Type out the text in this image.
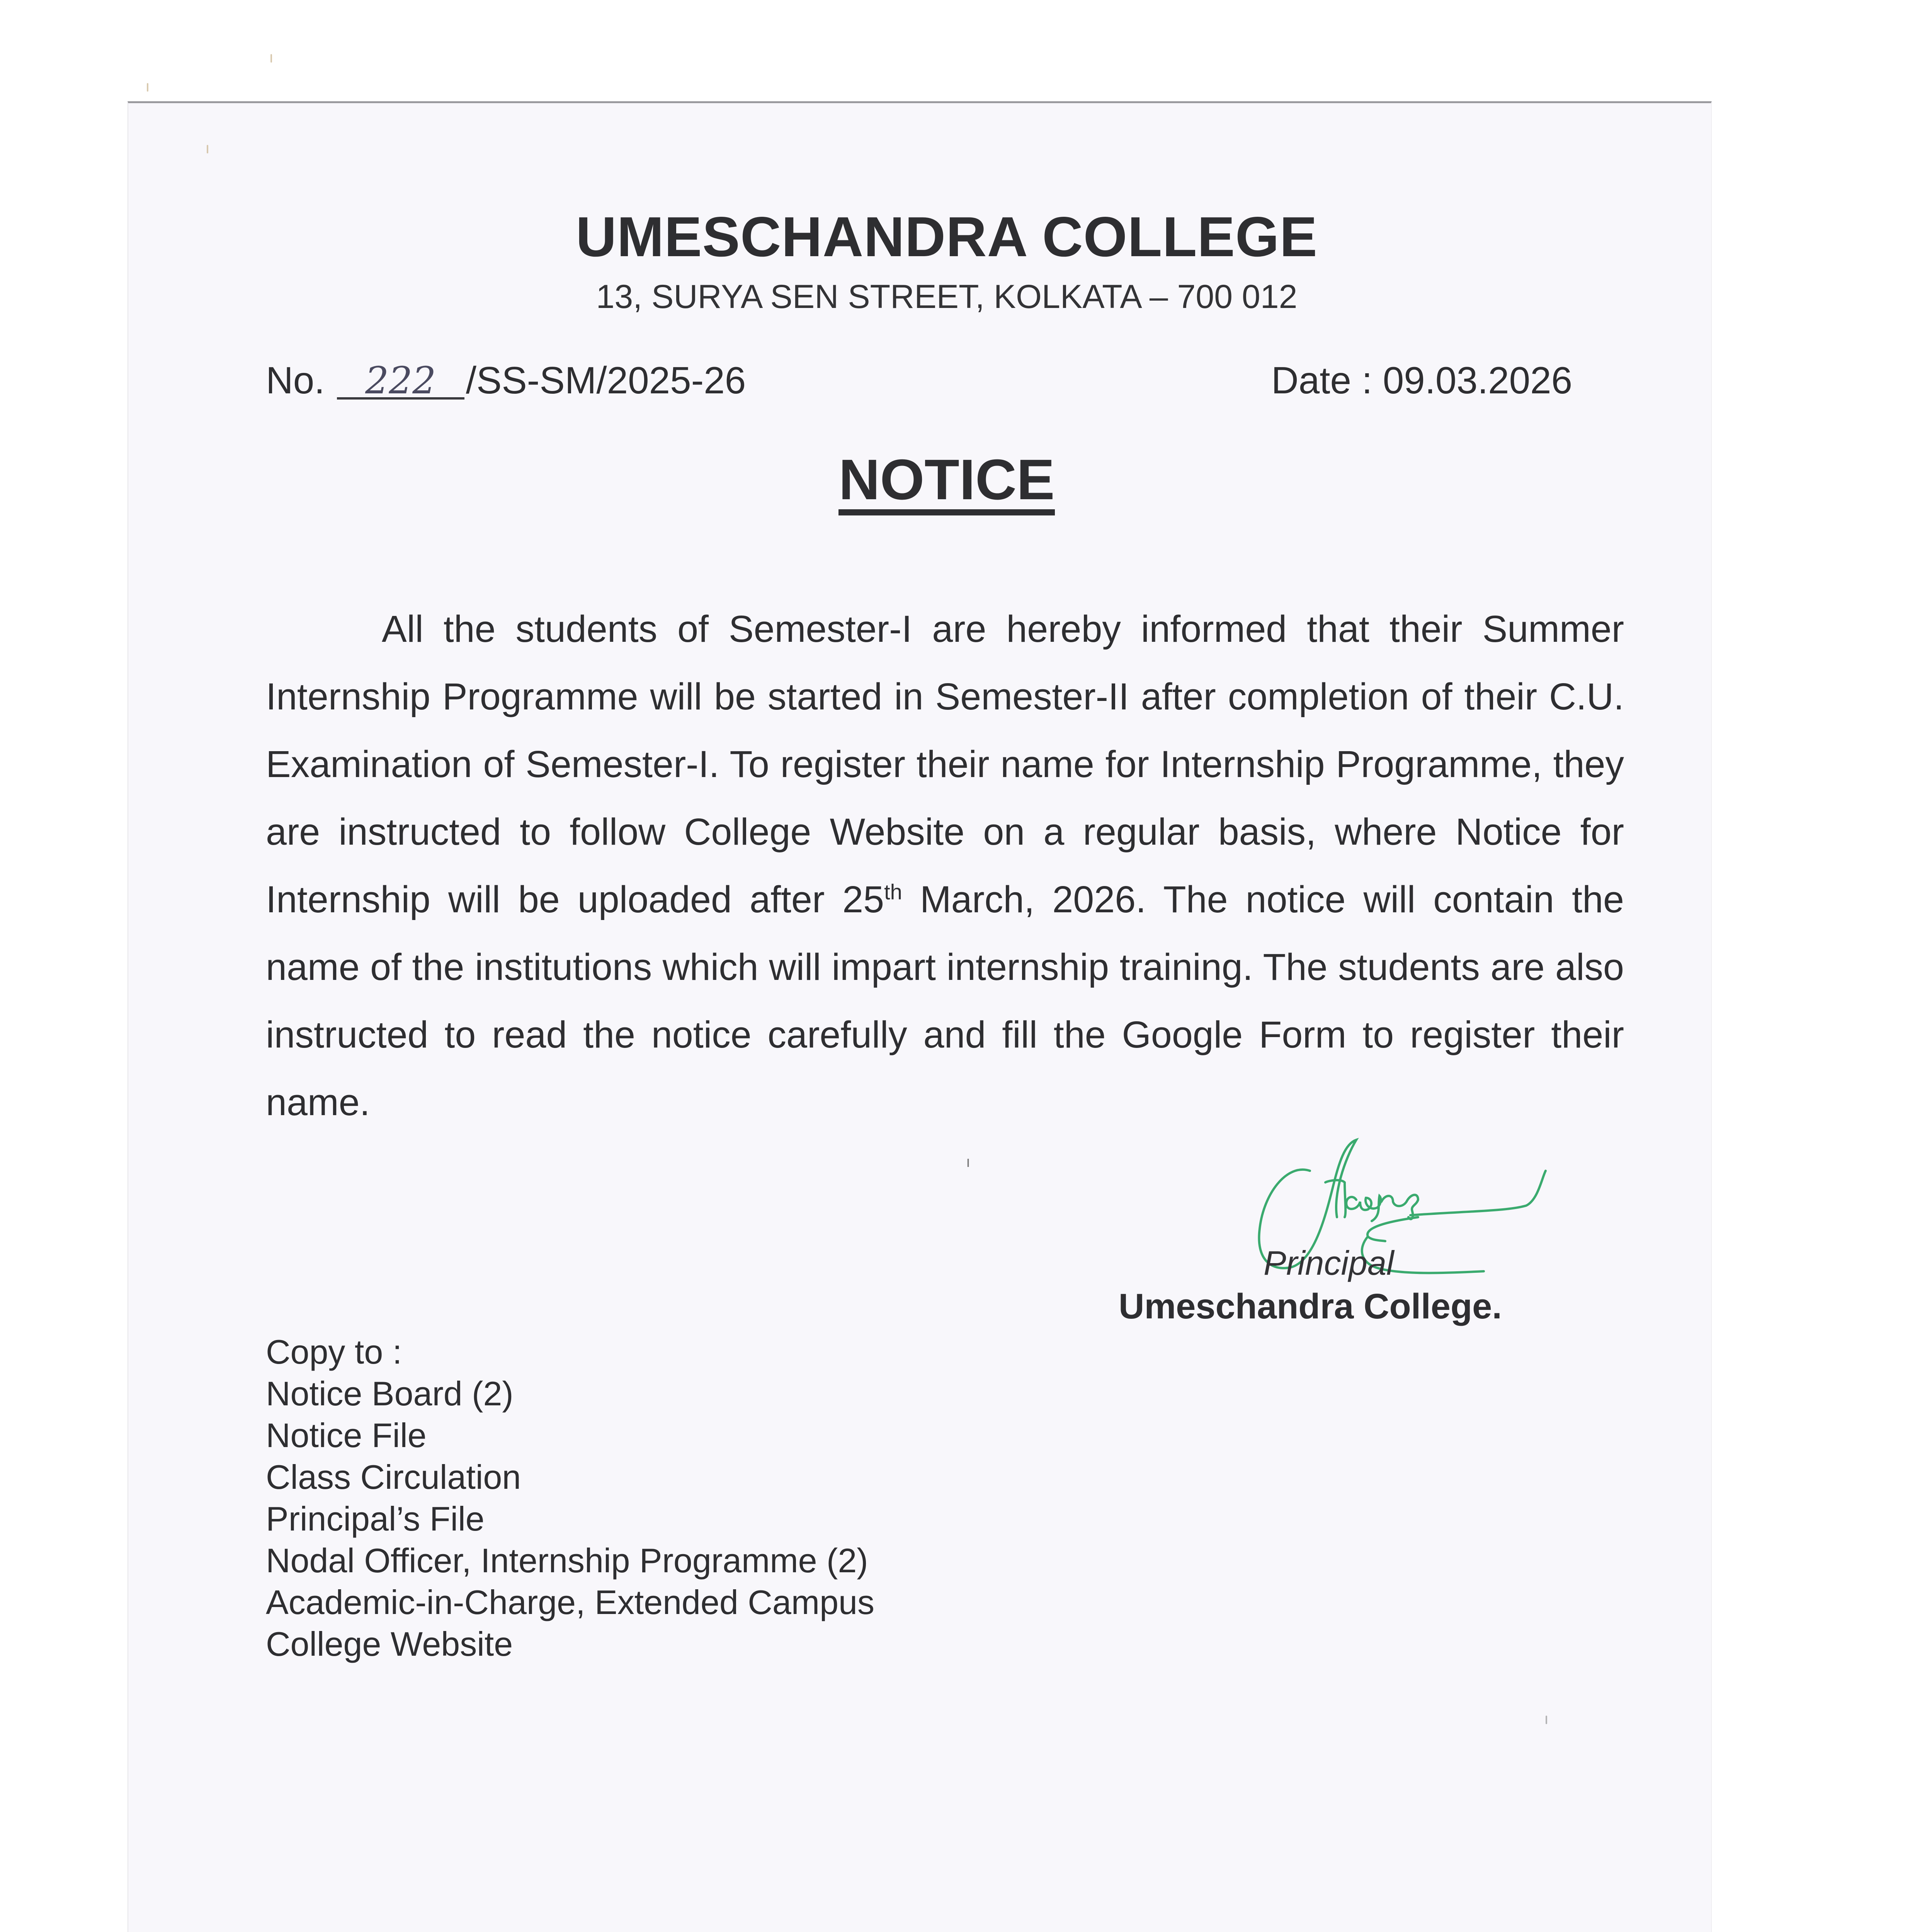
UMESCHANDRA COLLEGE
13, SURYA SEN STREET, KOLKATA – 700 012
No. 222 /SS-SM/2025-26	Date : 09.03.2026
NOTICE
All the students of Semester-I are hereby informed that their Summer Internship Programme will be started in Semester-II after completion of their C.U. Examination of Semester-I. To register their name for Internship Programme, they are instructed to follow College Website on a regular basis, where Notice for Internship will be uploaded after 25th March, 2026. The notice will contain the name of the institutions which will impart internship training. The students are also instructed to read the notice carefully and fill the Google Form to register their name.
ı
Principal
Umeschandra College.
Copy to :
Notice Board (2)
Notice File
Class Circulation
Principal’s File
Nodal Officer, Internship Programme (2)
Academic-in-Charge, Extended Campus
College Website
